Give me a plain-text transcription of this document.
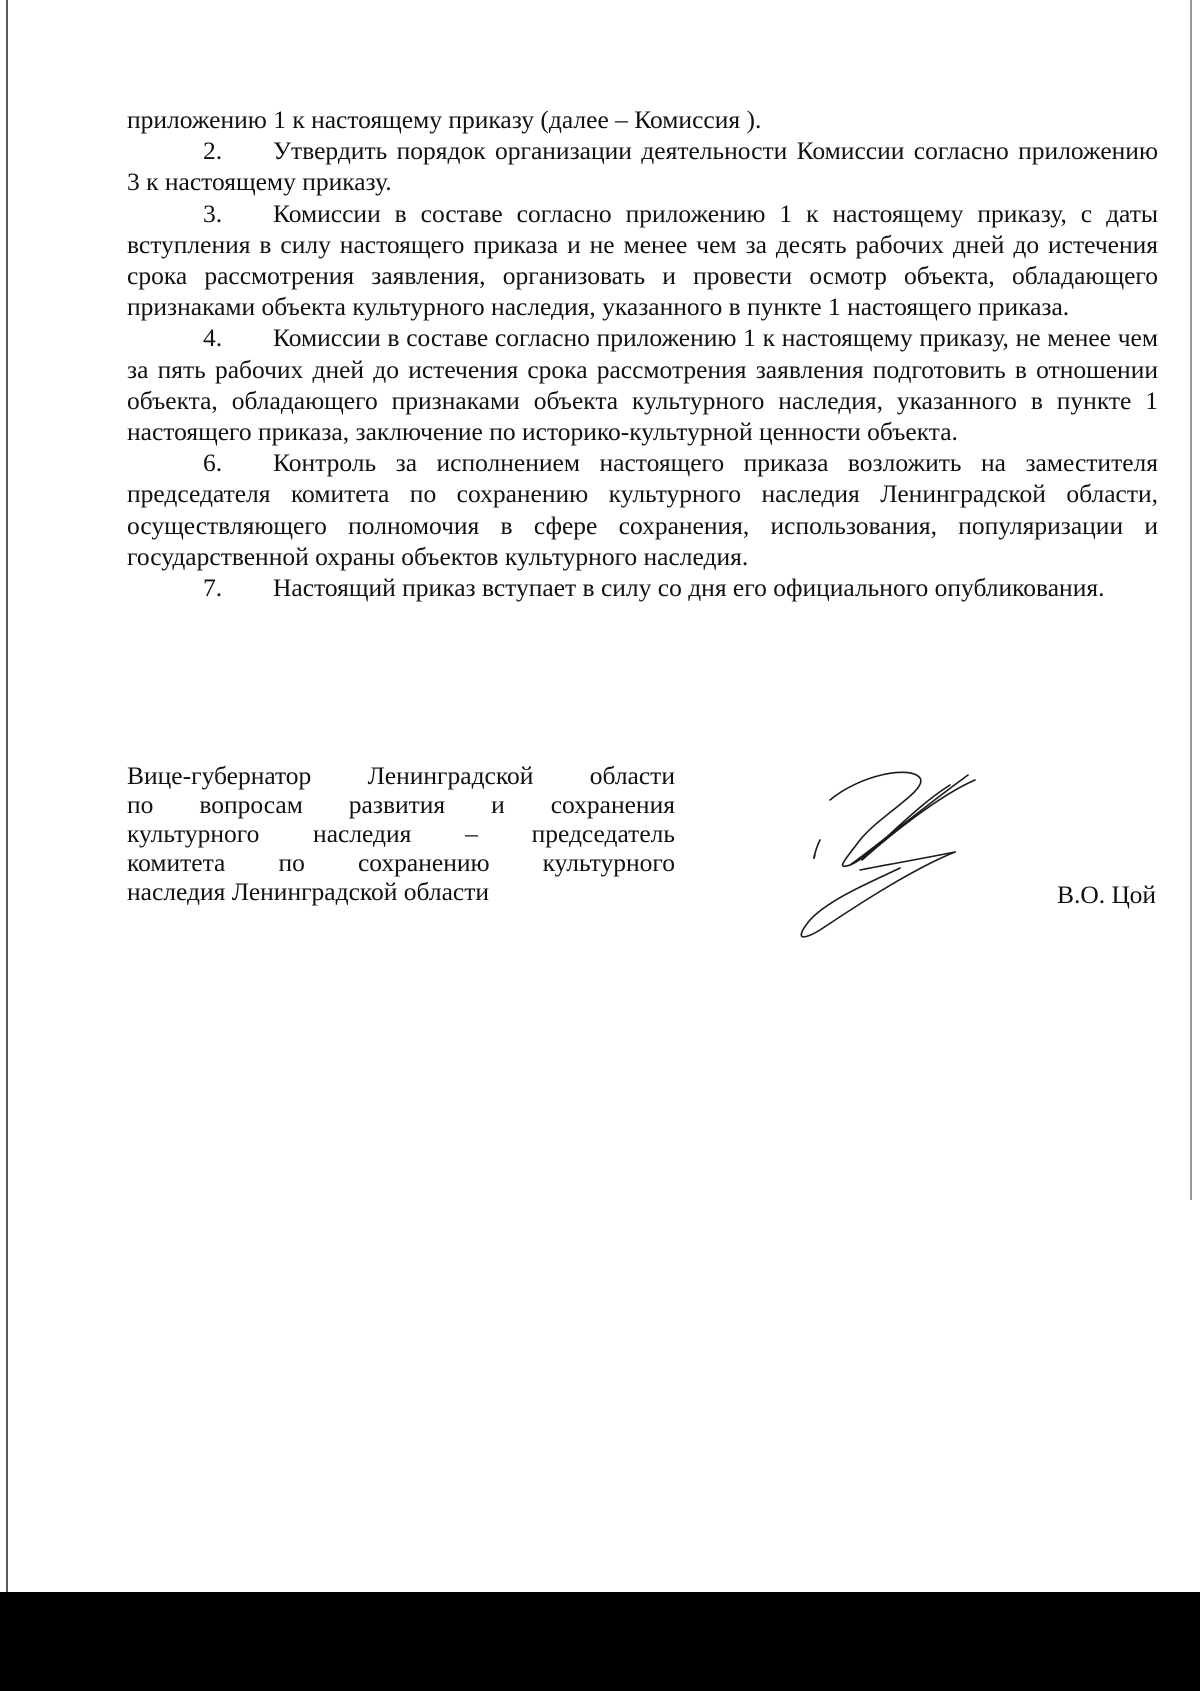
приложению 1 к настоящему приказу (далее – Комиссия ).

2. Утвердить порядок организации деятельности Комиссии согласно приложению 3 к настоящему приказу.

3. Комиссии в составе согласно приложению 1 к настоящему приказу, с даты вступления в силу настоящего приказа и не менее чем за десять рабочих дней до истечения срока рассмотрения заявления, организовать и провести осмотр объекта, обладающего признаками объекта культурного наследия, указанного в пункте 1 настоящего приказа.

4. Комиссии в составе согласно приложению 1 к настоящему приказу, не менее чем за пять рабочих дней до истечения срока рассмотрения заявления подготовить в отношении объекта, обладающего признаками объекта культурного наследия, указанного в пункте 1 настоящего приказа, заключение по историко-культурной ценности объекта.

6. Контроль за исполнением настоящего приказа возложить на заместителя председателя комитета по сохранению культурного наследия Ленинградской области, осуществляющего полномочия в сфере сохранения, использования, популяризации и государственной охраны объектов культурного наследия.

7. Настоящий приказ вступает в силу со дня его официального опубликования.

Вице-губернатор Ленинградской области
по вопросам развития и сохранения
культурного наследия – председатель
комитета по сохранению культурного
наследия Ленинградской области	В.О. Цой
